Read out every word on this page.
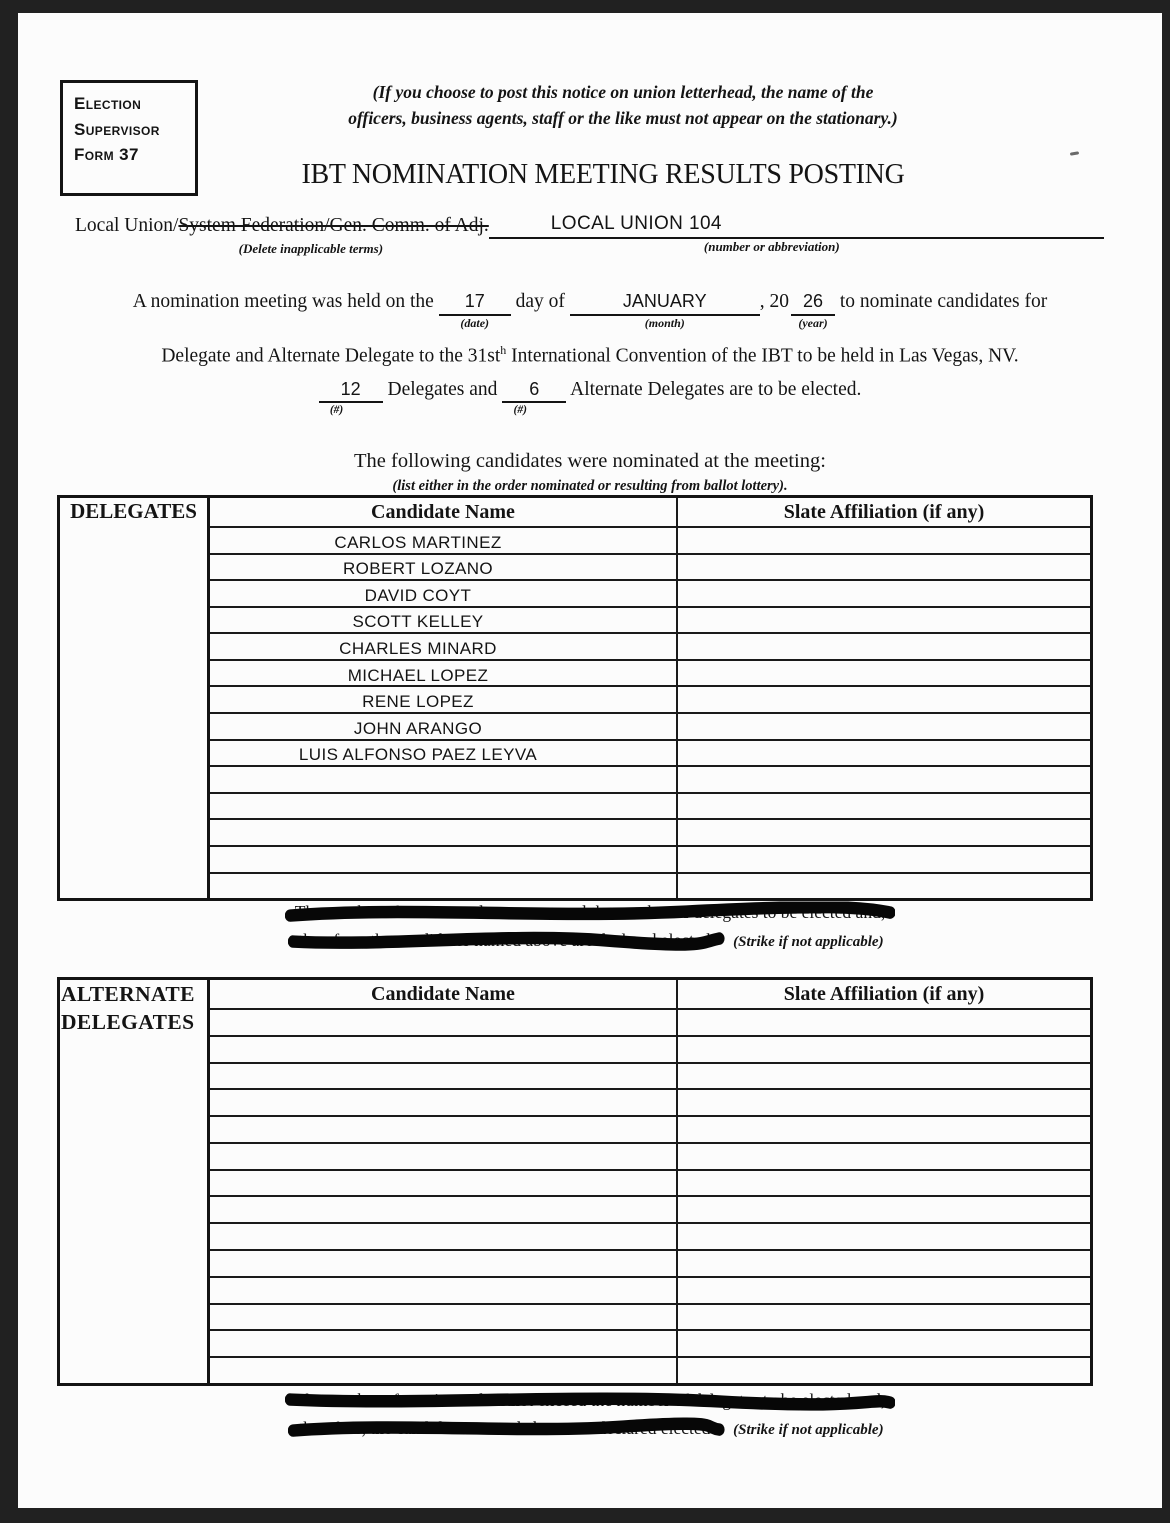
Election
Supervisor
Form 37
(If you choose to post this notice on union letterhead, the name of the
officers, business agents, staff or the like must not appear on the stationary.)
IBT NOMINATION MEETING RESULTS POSTING
Local Union/System Federation/Gen. Comm. of Adj.
(Delete inapplicable terms)
LOCAL UNION 104
(number or abbreviation)
A nomination meeting was held on the 17
(date)
day of	JANUARY
(month)
, 20 26
(year)
to nominate candidates for
Delegate and Alternate Delegate to the $31st^h$ International Convention of the IBT to be held in Las Vegas, NV.
12
(#)
Delegates and 6
(#)
Alternate Delegates are to be elected.
The following candidates were nominated at the meeting:
(list either in the order nominated or resulting from ballot lottery).
DELEGATES	Candidate Name	Slate Affiliation (if any)
CARLOS MARTINEZ
ROBERT LOZANO
DAVID COYT
SCOTT KELLEY
CHARLES MINARD
MICHAEL LOPEZ
RENE LOPEZ
JOHN ARANGO
LUIS ALFONSO PAEZ LEYVA
The number of nominees does not exceed the number of delegates to be elected and,
therefore, the candidates named above are declared elected. (Strike if not applicable)
ALTERNATE
DELEGATES
Candidate Name	Slate Affiliation (if any)
The number of nominees does not exceed the number of delegates to be elected and,
therefore, the candidates named above are declared elected. (Strike if not applicable)
